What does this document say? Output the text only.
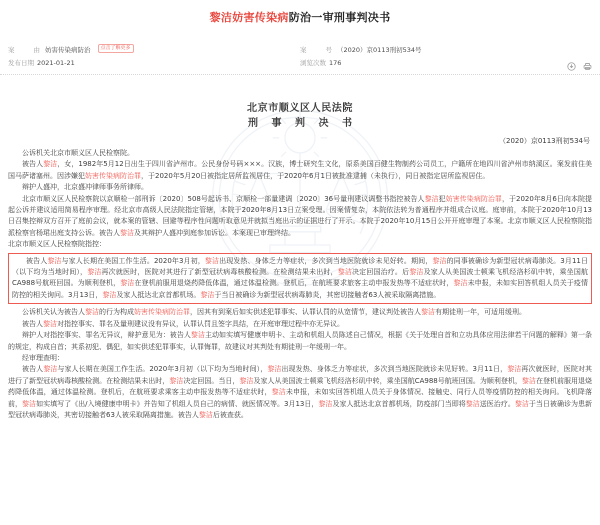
黎洁妨害传染病防治一审刑事判决书
案　　由 妨害传染病防治	点击了解更多	案　　号 （2020）京0113刑初534号
发布日期 2021-01-21	浏览次数 176
北京市顺义区人民法院
刑 事 判 决 书
（2020）京0113刑初534号

公诉机关北京市顺义区人民检察院。

被告人黎洁，女，1982年5月12日出生于四川省泸州市。公民身份号码×××。汉族，博士研究生文化，原系美国百健生物制药公司员工，户籍所在地四川省泸州市纳溪区。案发前住美国马萨诸塞州。因涉嫌犯妨害传染病防治罪，于2020年5月20日被指定居所监视居住，于2020年6月1日被批准逮捕（未执行），同日被指定居所监视居住。

辩护人盛冲，北京盛冲律师事务所律师。

北京市顺义区人民检察院以京顺检一部刑诉〔2020〕508号起诉书、京顺检一部量建调〔2020〕36号量刑建议调整书指控被告人黎洁犯妨害传染病防治罪，于2020年8月6日向本院提起公诉并建议适用简易程序审理。经北京市高级人民法院指定管辖，本院于2020年8月13日立案受理。因案情复杂，本院依法转为普通程序并组成合议庭。庭审前，本院于2020年10月13日召集控辩双方召开了庭前会议，就本案的管辖、回避等程序性问题听取意见并就拟当庭出示的证据进行了开示。本院于2020年10月15日公开开庭审理了本案。北京市顺义区人民检察院指派检察官杨珺出庭支持公诉。被告人黎洁及其辩护人盛冲到庭参加诉讼。本案现已审理终结。

北京市顺义区人民检察院指控：

被告人黎洁与家人长期在美国工作生活。2020年3月初，黎洁出现发热、身体乏力等症状，多次到当地医院就诊未见好转。期间，黎洁的同事被确诊为新型冠状病毒肺炎。3月11日（以下均为当地时间），黎洁再次就医时，医院对其进行了新型冠状病毒核酸检测。在检测结果未出时，黎洁决定回国治疗。后黎洁及家人从美国波士顿乘飞机经洛杉矶中转，乘坐国航CA988号航班回国。为顺利登机，黎洁在登机前服用退烧药降低体温，通过体温检测。登机后，在航班要求旅客主动申报发热等不适症状时，黎洁未申报，未如实回答机组人员关于疫情防控的相关询问。3月13日，黎洁及家人抵达北京首都机场。黎洁于当日被确诊为新型冠状病毒肺炎，其密切接触者63人被采取隔离措施。

公诉机关认为被告人黎洁的行为构成妨害传染病防治罪，因其有到案后如实供述犯罪事实、认罪认罚的从宽情节，建议判处被告人黎洁有期徒刑一年，可适用缓刑。

被告人黎洁对指控事实、罪名及量刑建议没有异议，认罪认罚且签字具结，在开庭审理过程中亦无异议。

辩护人对指控事实、罪名无异议，辩护意见为：被告人黎洁主动如实填写健康申明卡、主动和机组人员陈述自己情况，根据《关于处理自首和立功具体应用法律若干问题的解释》第一条的规定，构成自首；其系初犯、偶犯，如实供述犯罪事实，认罪悔罪，故建议对其判处有期徒刑一年缓刑一年。

经审理查明：

被告人黎洁与家人长期在美国工作生活。2020年3月初（以下均为当地时间），黎洁出现发热、身体乏力等症状，多次到当地医院就诊未见好转。3月11日，黎洁再次就医时，医院对其进行了新型冠状病毒核酸检测。在检测结果未出时，黎洁决定回国。当日，黎洁及家人从美国波士顿乘飞机经洛杉矶中转，乘坐国航CA988号航班回国。为顺利登机，黎洁在登机前服用退烧药降低体温，通过体温检测。登机后，在航班要求乘客主动申报发热等不适症状时，黎洁未申报，未如实回答机组人员关于身体情况、接触史、同行人员等疫情防控的相关询问。飞机降落前，黎洁如实填写了《出/入境健康申明卡》并告知了机组人员自己的病情、就医情况等。3月13日，黎洁及家人抵达北京首都机场，防疫部门当即将黎洁送医治疗。黎洁于当日被确诊为患新型冠状病毒肺炎，其密切接触者63人被采取隔离措施。被告人黎洁后被查获。
